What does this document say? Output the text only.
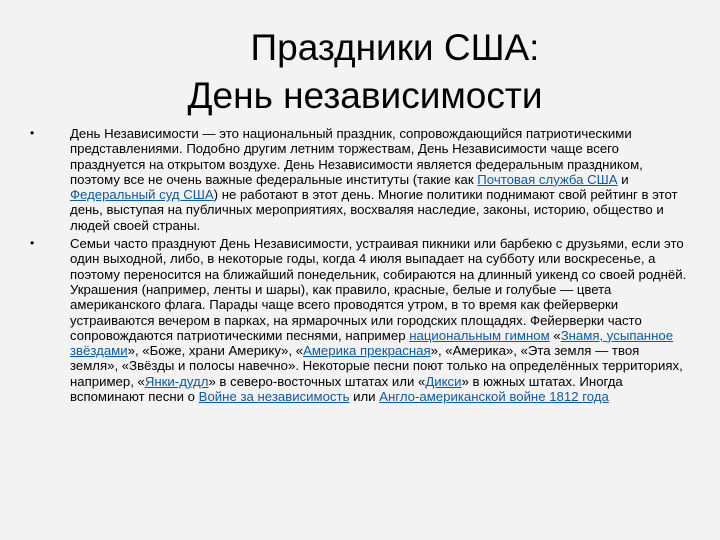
Праздники США:
День независимости
•	День Независимости — это национальный праздник, сопровождающийся патриотическими представлениями. Подобно другим летним торжествам, День Независимости чаще всего празднуется на открытом воздухе. День Независимости является федеральным праздником, поэтому все не очень важные федеральные институты (такие как Почтовая служба США и Федеральный суд США) не работают в этот день. Многие политики поднимают свой рейтинг в этот день, выступая на публичных мероприятиях, восхваляя наследие, законы, историю, общество и людей своей страны.
•	Семьи часто празднуют День Независимости, устраивая пикники или барбекю с друзьями, если это один выходной, либо, в некоторые годы, когда 4 июля выпадает на субботу или воскресенье, а поэтому переносится на ближайший понедельник, собираются на длинный уикенд со своей роднёй. Украшения (например, ленты и шары), как правило, красные, белые и голубые — цвета американского флага. Парады чаще всего проводятся утром, в то время как фейерверки устраиваются вечером в парках, на ярмарочных или городских площадях. Фейерверки часто сопровождаются патриотическими песнями, например национальным гимном «Знамя, усыпанное звёздами», «Боже, храни Америку», «Америка прекрасная», «Америка», «Эта земля — твоя земля», «Звёзды и полосы навечно». Некоторые песни поют только на определённых территориях, например, «Янки-дудл» в северо-восточных штатах или «Дикси» в южных штатах. Иногда вспоминают песни о Войне за независимость или Англо-американской войне 1812 года
